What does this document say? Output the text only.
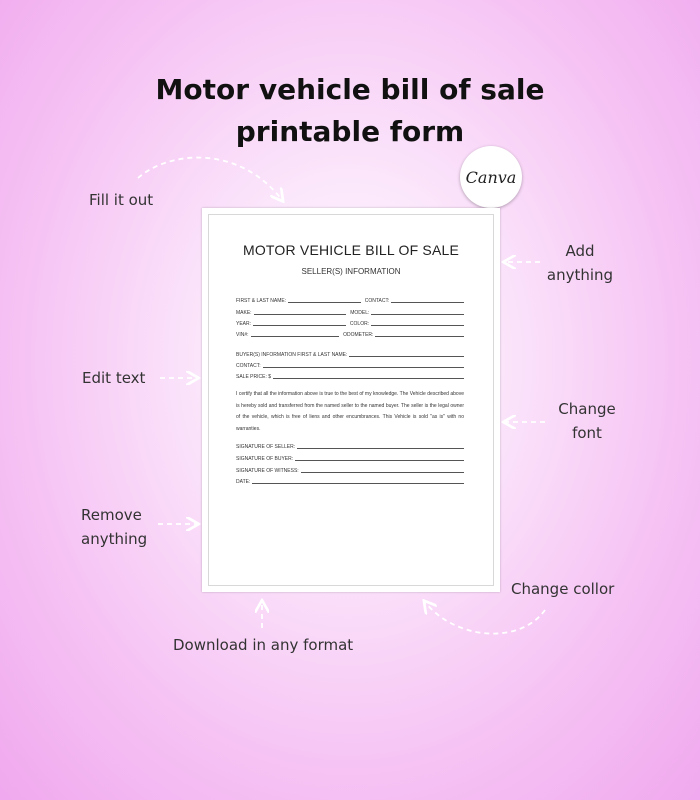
Motor vehicle bill of sale
printable form
Canva
Fill it out
Add
anything
Edit text
Change
font
Remove
anything
Change collor
Download in any format
MOTOR VEHICLE BILL OF SALE
SELLER(S) INFORMATION
FIRST & LAST NAME:	CONTACT:
MAKE:	MODEL:
YEAR:	COLOR:
VIN#:	ODOMETER:
BUYER(S) INFORMATION FIRST & LAST NAME:
CONTACT:
SALE PRICE: $
I certify that all the information above is true to the best of my knowledge. The Vehicle described above is hereby sold and transferred from the named seller to the named buyer. The seller is the legal owner of the vehicle, which is free of liens and other encumbrances. This Vehicle is sold "as is" with no warranties.
SIGNATURE OF SELLER:
SIGNATURE OF BUYER:
SIGNATURE OF WITNESS:
DATE:
